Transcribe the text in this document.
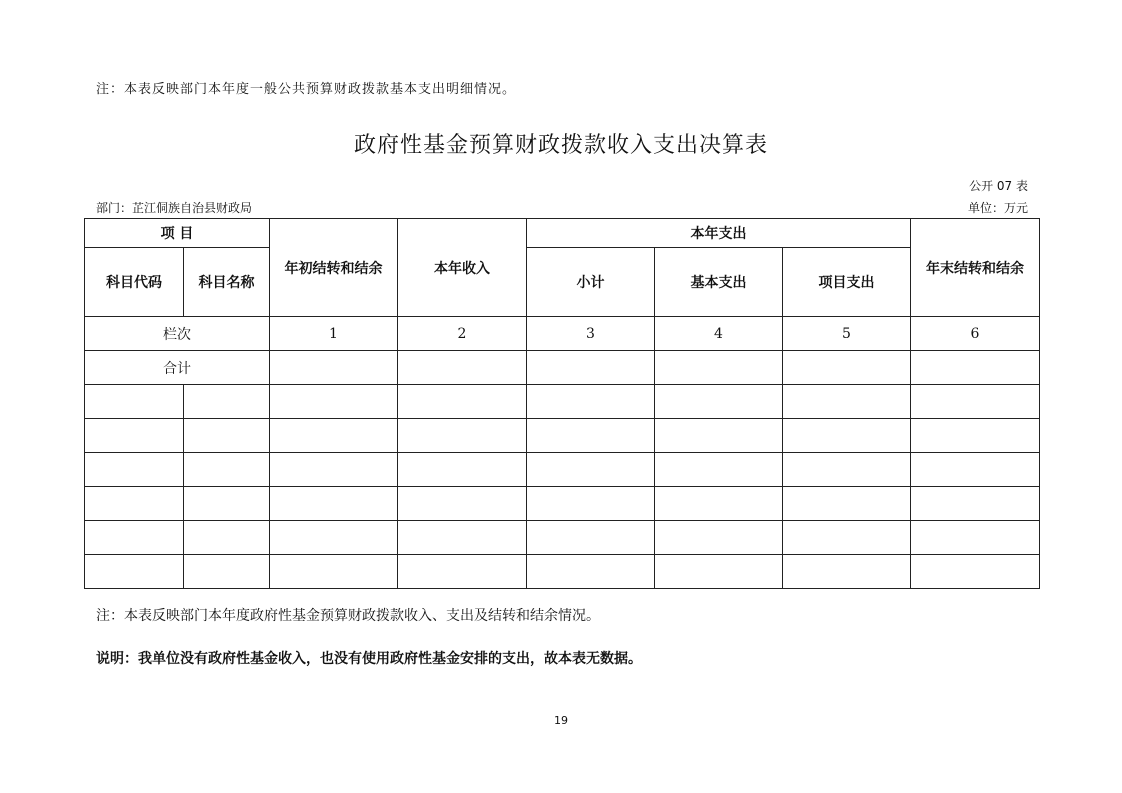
注：本表反映部门本年度一般公共预算财政拨款基本支出明细情况。
政府性基金预算财政拨款收入支出决算表
公开 07 表
部门：芷江侗族自治县财政局	单位：万元
项 目		年初结转和结余	本年收入	本年支出			年末结转和结余
科目代码	科目名称			小计	基本支出	项目支出	
栏次		1	2	3	4	5	6
合计							

注：本表反映部门本年度政府性基金预算财政拨款收入、支出及结转和结余情况。
说明：我单位没有政府性基金收入，也没有使用政府性基金安排的支出，故本表无数据。
19
